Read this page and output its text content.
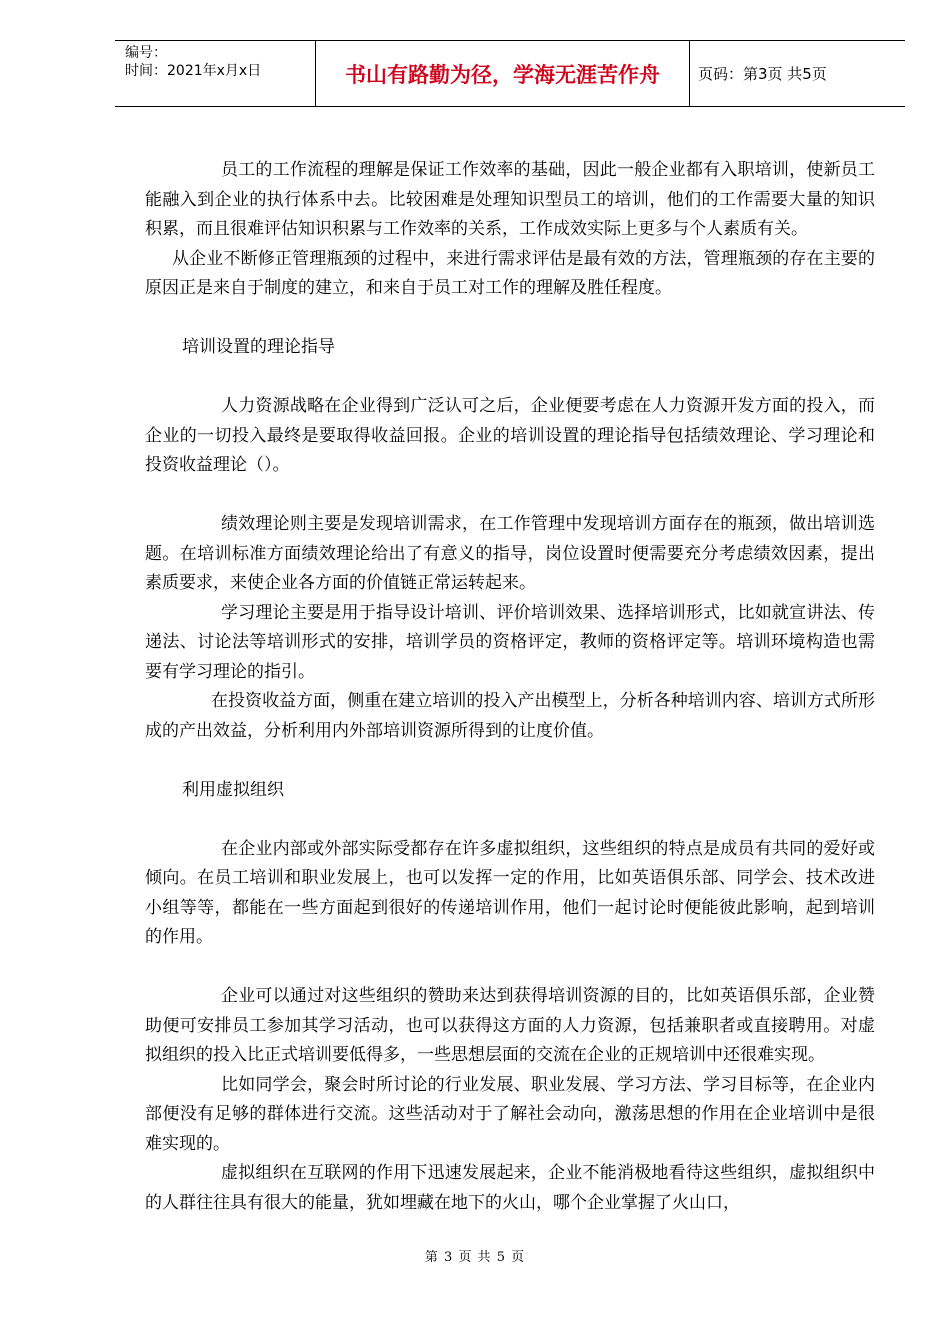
编号：
时间：2021年x月x日	书山有路勤为径，学海无涯苦作舟	页码：第3页 共5页

员工的工作流程的理解是保证工作效率的基础，因此一般企业都有入职培训，使新员工能融入到企业的执行体系中去。比较困难是处理知识型员工的培训，他们的工作需要大量的知识积累，而且很难评估知识积累与工作效率的关系，工作成效实际上更多与个人素质有关。

从企业不断修正管理瓶颈的过程中，来进行需求评估是最有效的方法，管理瓶颈的存在主要的原因正是来自于制度的建立，和来自于员工对工作的理解及胜任程度。

培训设置的理论指导

人力资源战略在企业得到广泛认可之后，企业便要考虑在人力资源开发方面的投入，而企业的一切投入最终是要取得收益回报。企业的培训设置的理论指导包括绩效理论、学习理论和投资收益理论（）。

绩效理论则主要是发现培训需求，在工作管理中发现培训方面存在的瓶颈，做出培训选题。在培训标准方面绩效理论给出了有意义的指导，岗位设置时便需要充分考虑绩效因素，提出素质要求，来使企业各方面的价值链正常运转起来。

学习理论主要是用于指导设计培训、评价培训效果、选择培训形式，比如就宣讲法、传递法、讨论法等培训形式的安排，培训学员的资格评定，教师的资格评定等。培训环境构造也需要有学习理论的指引。

在投资收益方面，侧重在建立培训的投入产出模型上，分析各种培训内容、培训方式所形成的产出效益，分析利用内外部培训资源所得到的让度价值。

利用虚拟组织

在企业内部或外部实际受都存在许多虚拟组织，这些组织的特点是成员有共同的爱好或倾向。在员工培训和职业发展上，也可以发挥一定的作用，比如英语俱乐部、同学会、技术改进小组等等，都能在一些方面起到很好的传递培训作用，他们一起讨论时便能彼此影响，起到培训的作用。

企业可以通过对这些组织的赞助来达到获得培训资源的目的，比如英语俱乐部，企业赞助便可安排员工参加其学习活动，也可以获得这方面的人力资源，包括兼职者或直接聘用。对虚拟组织的投入比正式培训要低得多，一些思想层面的交流在企业的正规培训中还很难实现。

比如同学会，聚会时所讨论的行业发展、职业发展、学习方法、学习目标等，在企业内部便没有足够的群体进行交流。这些活动对于了解社会动向，激荡思想的作用在企业培训中是很难实现的。

虚拟组织在互联网的作用下迅速发展起来，企业不能消极地看待这些组织，虚拟组织中的人群往往具有很大的能量，犹如埋藏在地下的火山，哪个企业掌握了火山口，

第 3 页 共 5 页
